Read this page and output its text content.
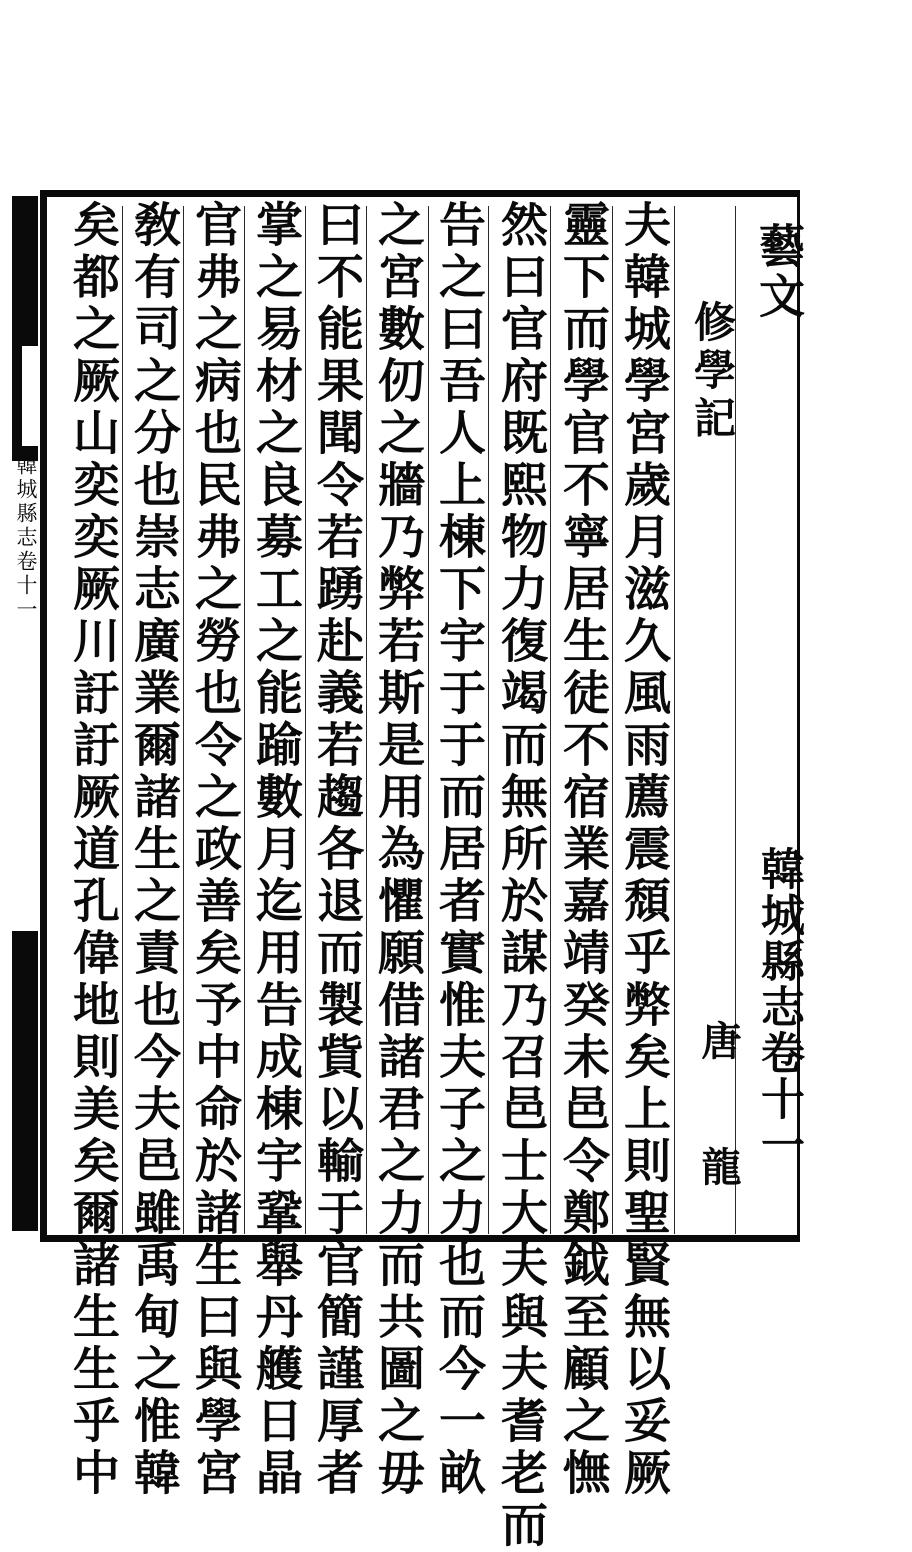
韓城縣志卷十一
藝文
修學記
韓城縣志卷十一
唐 龍
夫韓城學宮歲月滋久風雨薦震頹乎弊矣上則聖賢無以妥厥
靈下而學官不寧居生徒不宿業嘉靖癸未邑令鄭鉞至顧之憮
然曰官府既熙物力復竭而無所於謀乃召邑士大夫與夫耆老而
告之曰吾人上棟下宇于于而居者實惟夫子之力也而今一畝
之宮數仞之牆乃弊若斯是用為懼願借諸君之力而共圖之毋
曰不能果聞令若踴赴義若趨各退而製貲以輸于官簡謹厚者
掌之易材之良募工之能踰數月迄用告成棟宇鞏舉丹艧日晶
官弗之病也民弗之勞也令之政善矣予中命於諸生曰與學宮
敎有司之分也崇志廣業爾諸生之責也今夫邑雖禹甸之惟韓
矣都之厥山奕奕厥川訏訏厥道孔偉地則美矣爾諸生生乎中
